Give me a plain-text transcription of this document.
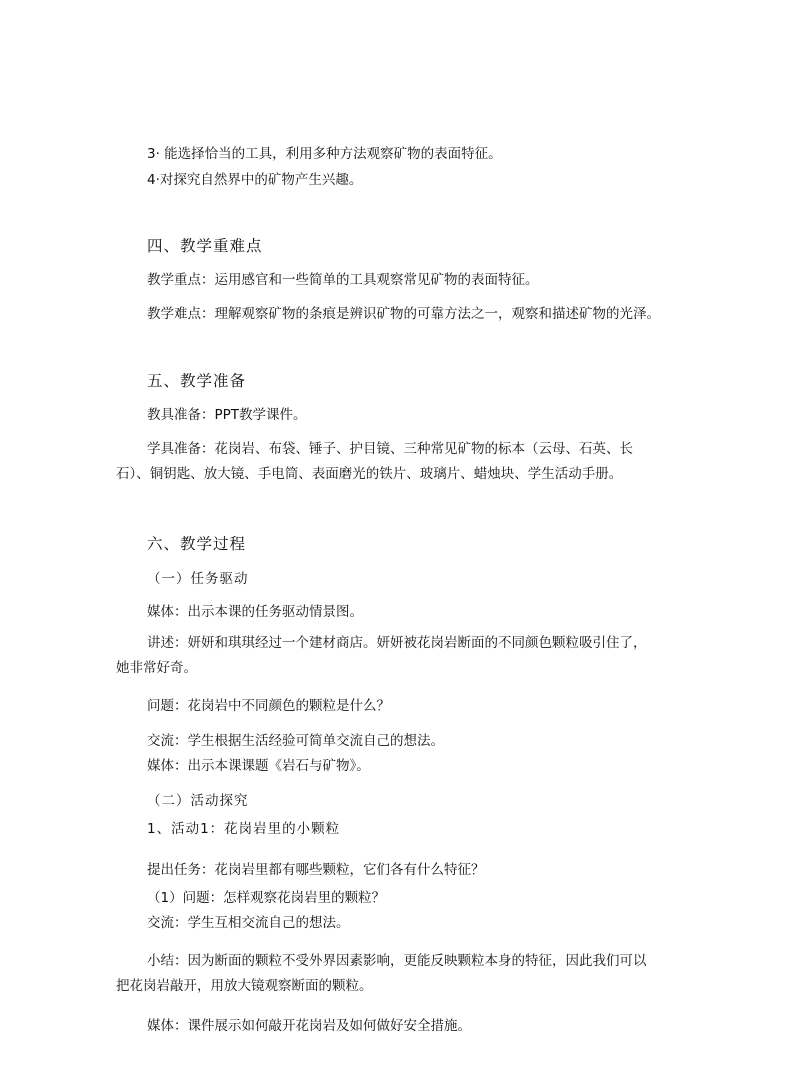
3· 能选择恰当的工具，利用多种方法观察矿物的表面特征。
4·对探究自然界中的矿物产生兴趣。
四、教学重难点
教学重点：运用感官和一些简单的工具观察常见矿物的表面特征。
教学难点：理解观察矿物的条痕是辨识矿物的可靠方法之一，观察和描述矿物的光泽。
五、教学准备
教具准备：PPT教学课件。
学具准备：花岗岩、布袋、锤子、护目镜、三种常见矿物的标本（云母、石英、长
石）、铜钥匙、放大镜、手电筒、表面磨光的铁片、玻璃片、蜡烛块、学生活动手册。
六、教学过程
（一）任务驱动
媒体：出示本课的任务驱动情景图。
讲述：妍妍和琪琪经过一个建材商店。妍妍被花岗岩断面的不同颜色颗粒吸引住了，
她非常好奇。
问题：花岗岩中不同颜色的颗粒是什么？
交流：学生根据生活经验可简单交流自己的想法。
媒体：出示本课课题《岩石与矿物》。
（二）活动探究
1、活动1：花岗岩里的小颗粒
提出任务：花岗岩里都有哪些颗粒，它们各有什么特征？
（1）问题：怎样观察花岗岩里的颗粒？
交流：学生互相交流自己的想法。
小结：因为断面的颗粒不受外界因素影响，更能反映颗粒本身的特征，因此我们可以
把花岗岩敲开，用放大镜观察断面的颗粒。
媒体：课件展示如何敲开花岗岩及如何做好安全措施。
